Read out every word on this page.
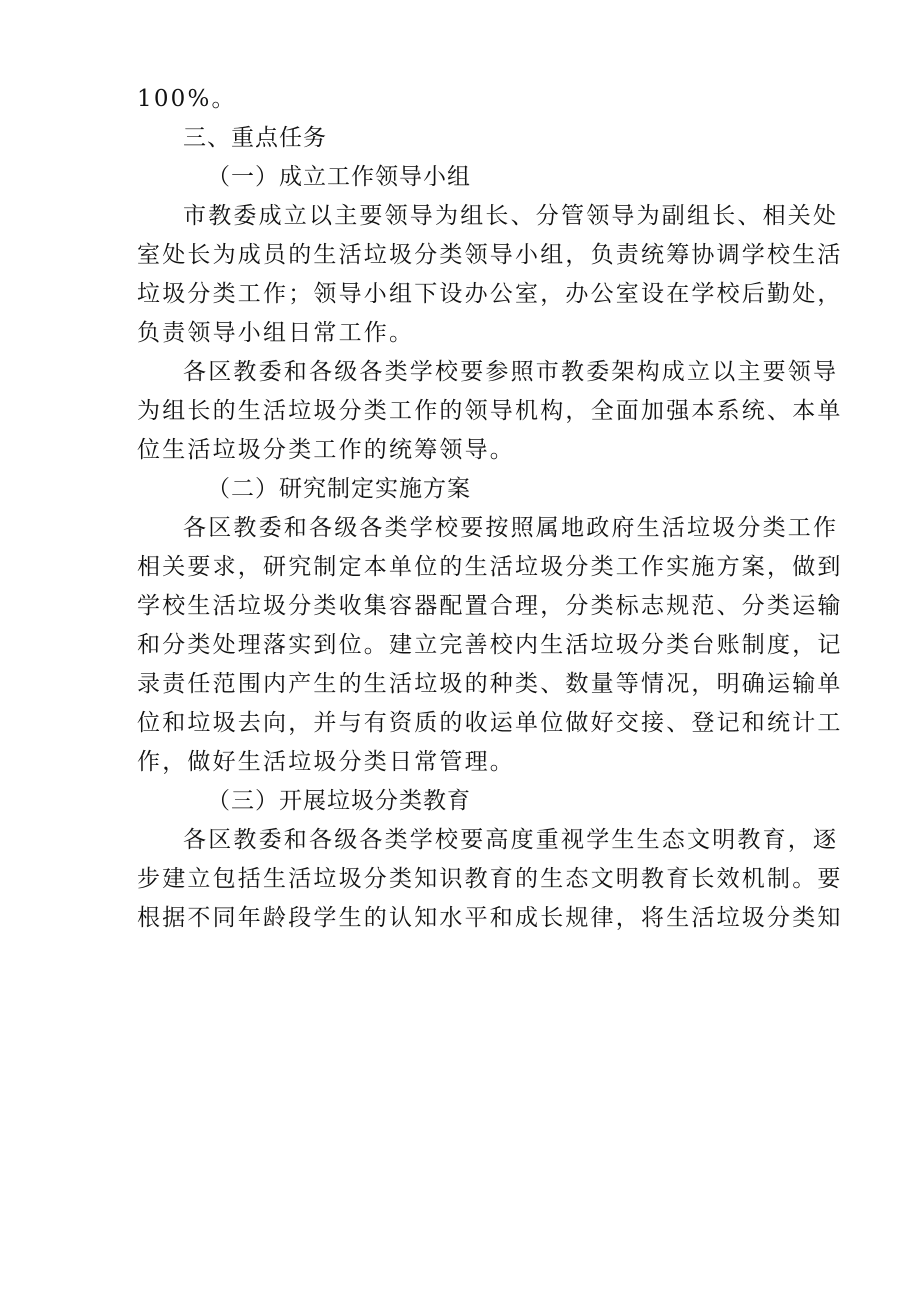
100%。

三、重点任务

（一）成立工作领导小组

市教委成立以主要领导为组长、分管领导为副组长、相关处

室处长为成员的生活垃圾分类领导小组，负责统筹协调学校生活

垃圾分类工作；领导小组下设办公室，办公室设在学校后勤处，

负责领导小组日常工作。

各区教委和各级各类学校要参照市教委架构成立以主要领导

为组长的生活垃圾分类工作的领导机构，全面加强本系统、本单

位生活垃圾分类工作的统筹领导。

（二）研究制定实施方案

各区教委和各级各类学校要按照属地政府生活垃圾分类工作

相关要求，研究制定本单位的生活垃圾分类工作实施方案，做到

学校生活垃圾分类收集容器配置合理，分类标志规范、分类运输

和分类处理落实到位。建立完善校内生活垃圾分类台账制度，记

录责任范围内产生的生活垃圾的种类、数量等情况，明确运输单

位和垃圾去向，并与有资质的收运单位做好交接、登记和统计工

作，做好生活垃圾分类日常管理。

（三）开展垃圾分类教育

各区教委和各级各类学校要高度重视学生生态文明教育，逐

步建立包括生活垃圾分类知识教育的生态文明教育长效机制。要

根据不同年龄段学生的认知水平和成长规律，将生活垃圾分类知
